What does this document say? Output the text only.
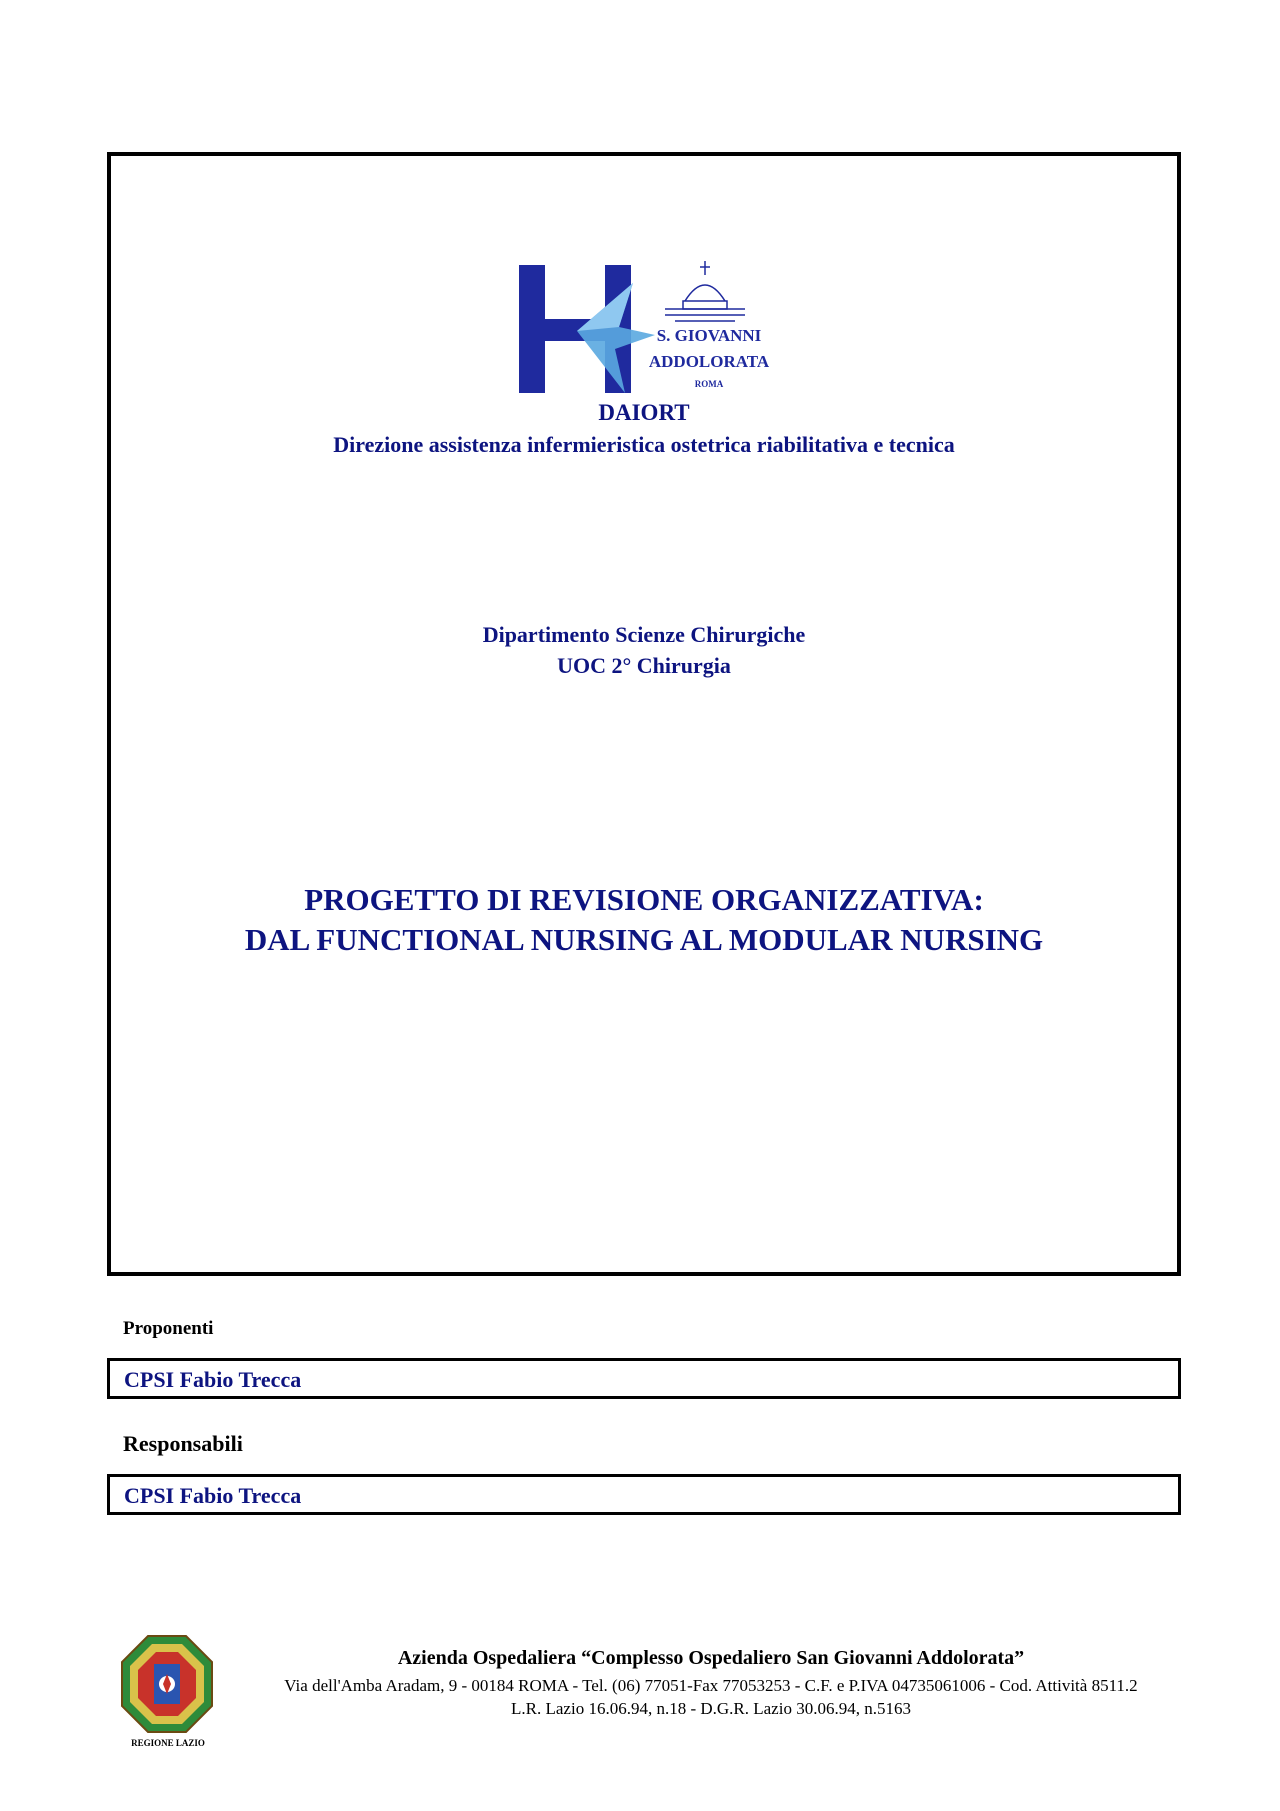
S. GIOVANNI
ADDOLORATA
ROMA
DAIORT
Direzione assistenza infermieristica ostetrica riabilitativa e tecnica
Dipartimento Scienze Chirurgiche
UOC 2° Chirurgia
PROGETTO DI REVISIONE ORGANIZZATIVA:
DAL FUNCTIONAL NURSING AL MODULAR NURSING
Proponenti
CPSI Fabio Trecca
Responsabili
CPSI Fabio Trecca
REGIONE LAZIO
Azienda Ospedaliera “Complesso Ospedaliero San Giovanni Addolorata”
Via dell'Amba Aradam, 9 - 00184 ROMA - Tel. (06) 77051-Fax 77053253 - C.F. e P.IVA 04735061006 - Cod. Attività 8511.2
L.R. Lazio 16.06.94, n.18 - D.G.R. Lazio 30.06.94, n.5163
